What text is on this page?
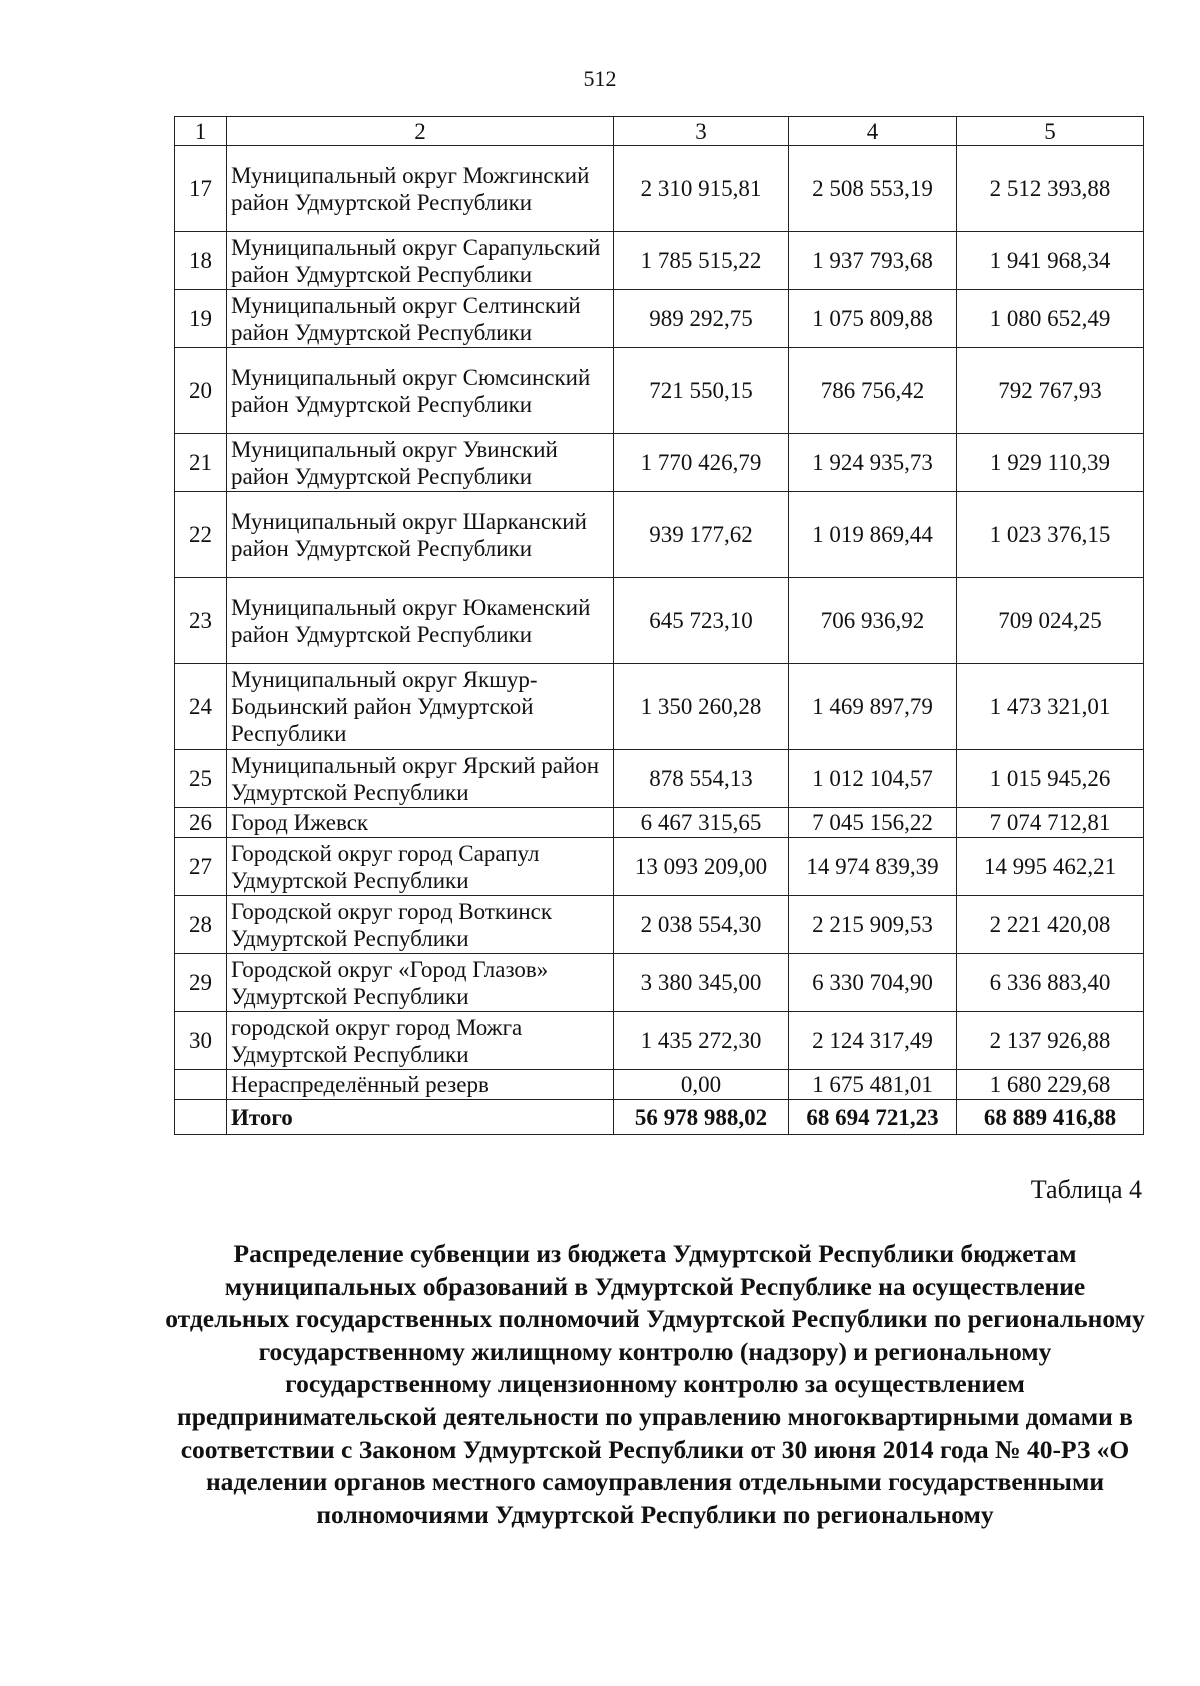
512
1	2	3	4	5
17	Муниципальный округ Можгинский район Удмуртской Республики	2 310 915,81	2 508 553,19	2 512 393,88
18	Муниципальный округ Сарапульский район Удмуртской Республики	1 785 515,22	1 937 793,68	1 941 968,34
19	Муниципальный округ Селтинский район Удмуртской Республики	989 292,75	1 075 809,88	1 080 652,49
20	Муниципальный округ Сюмсинский район Удмуртской Республики	721 550,15	786 756,42	792 767,93
21	Муниципальный округ Увинский район Удмуртской Республики	1 770 426,79	1 924 935,73	1 929 110,39
22	Муниципальный округ Шарканский район Удмуртской Республики	939 177,62	1 019 869,44	1 023 376,15
23	Муниципальный округ Юкаменский район Удмуртской Республики	645 723,10	706 936,92	709 024,25
24	Муниципальный округ Якшур-Бодьинский район Удмуртской Республики	1 350 260,28	1 469 897,79	1 473 321,01
25	Муниципальный округ Ярский район Удмуртской Республики	878 554,13	1 012 104,57	1 015 945,26
26	Город Ижевск	6 467 315,65	7 045 156,22	7 074 712,81
27	Городской округ город Сарапул Удмуртской Республики	13 093 209,00	14 974 839,39	14 995 462,21
28	Городской округ город Воткинск Удмуртской Республики	2 038 554,30	2 215 909,53	2 221 420,08
29	Городской округ «Город Глазов» Удмуртской Республики	3 380 345,00	6 330 704,90	6 336 883,40
30	городской округ город Можга Удмуртской Республики	1 435 272,30	2 124 317,49	2 137 926,88
	Нераспределённый резерв	0,00	1 675 481,01	1 680 229,68
	Итого	56 978 988,02	68 694 721,23	68 889 416,88
Таблица 4
Распределение субвенции из бюджета Удмуртской Республики бюджетам муниципальных образований в Удмуртской Республике на осуществление отдельных государственных полномочий Удмуртской Республики по региональному государственному жилищному контролю (надзору) и региональному государственному лицензионному контролю за осуществлением предпринимательской деятельности по управлению многоквартирными домами в соответствии с Законом Удмуртской Республики от 30 июня 2014 года № 40-РЗ «О наделении органов местного самоуправления отдельными государственными полномочиями Удмуртской Республики по региональному
